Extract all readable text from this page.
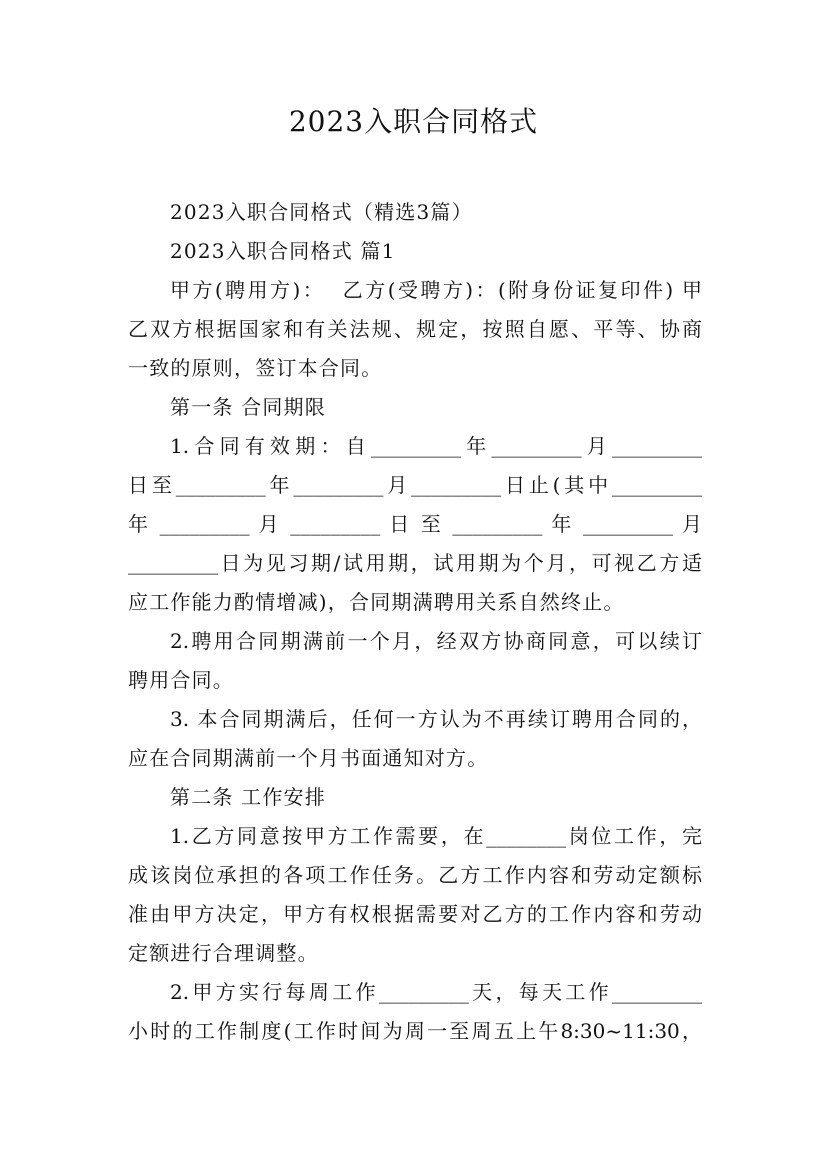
2023入职合同格式

2023入职合同格式（精选3篇）

2023入职合同格式 篇1

甲方(聘用方)：  乙方(受聘方)：(附身份证复印件) 甲

乙双方根据国家和有关法规、规定，按照自愿、平等、协商

一致的原则，签订本合同。

第一条 合同期限

1.合同有效期：自_________年_________月_________

日至_________年_________月_________日止(其中_________

年 _________ 月 _________ 日 至 _________ 年 _________ 月

_________日为见习期/试用期，试用期为个月，可视乙方适

应工作能力酌情增减)，合同期满聘用关系自然终止。

2.聘用合同期满前一个月，经双方协商同意，可以续订

聘用合同。

3. 本合同期满后，任何一方认为不再续订聘用合同的，

应在合同期满前一个月书面通知对方。

第二条 工作安排

1.乙方同意按甲方工作需要，在________岗位工作，完

成该岗位承担的各项工作任务。乙方工作内容和劳动定额标

准由甲方决定，甲方有权根据需要对乙方的工作内容和劳动

定额进行合理调整。

2.甲方实行每周工作_________天，每天工作_________

小时的工作制度(工作时间为周一至周五上午8:30~11:30，
